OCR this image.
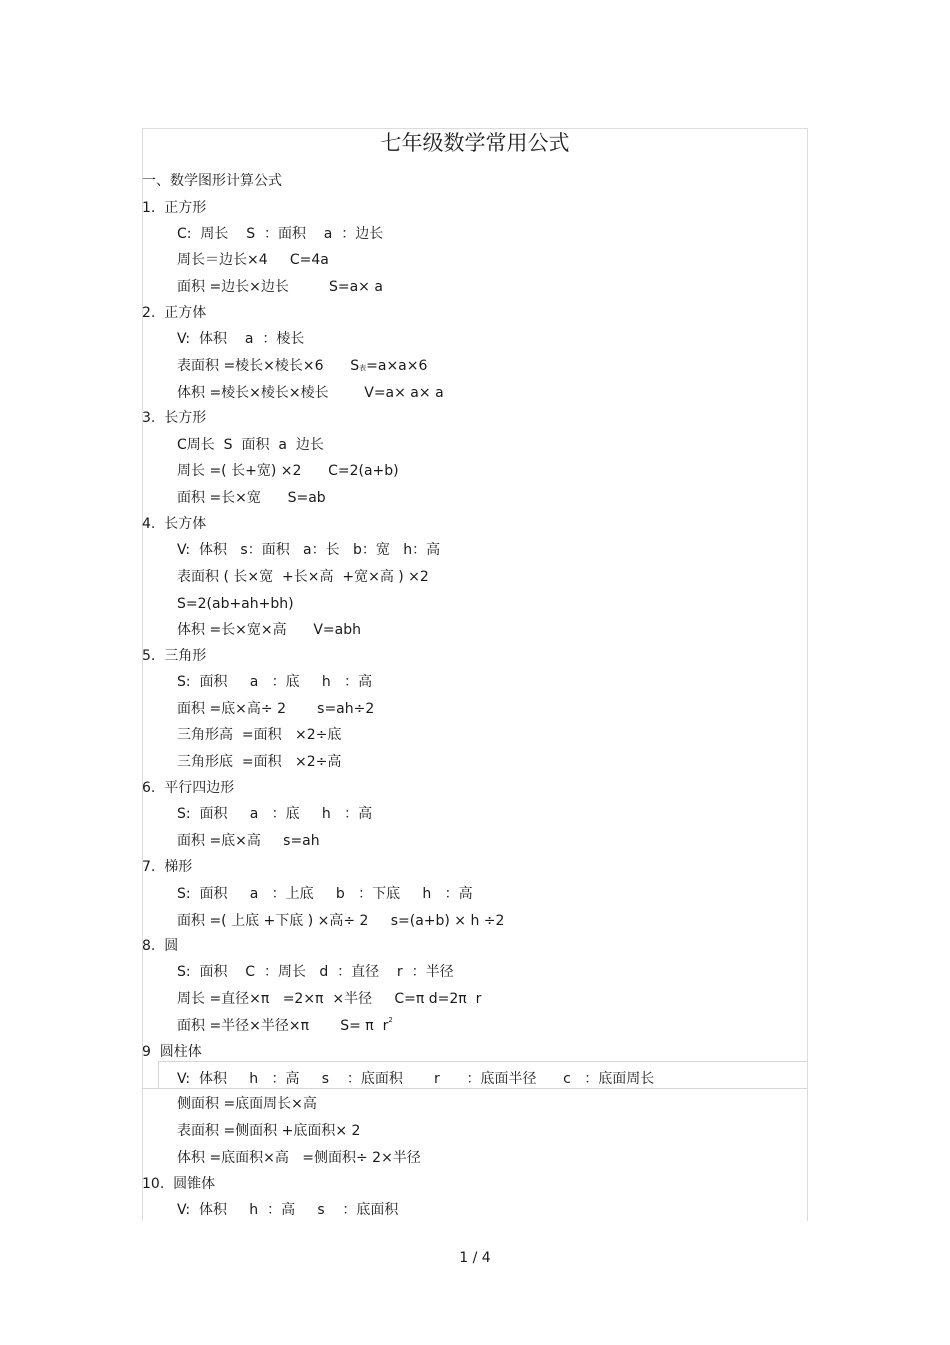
七年级数学常用公式
一、数学图形计算公式
1.  正方形
C:  周长    S  ：面积    a  ：边长
周长＝边长×4     C=4a
面积 =边长×边长         S=a× a
2.  正方体
V:  体积    a  ：棱长
表面积 =棱长×棱长×6      S表=a×a×6
体积 =棱长×棱长×棱长        V=a× a× a
3.  长方形
C周长  S  面积  a  边长
周长 =( 长+宽) ×2      C=2(a+b)
面积 =长×宽      S=ab
4.  长方体
V:  体积   s：面积   a：长   b：宽   h：高
表面积 ( 长×宽  +长×高  +宽×高 ) ×2
S=2(ab+ah+bh)
体积 =长×宽×高      V=abh
5.  三角形
S:  面积     a   ：底     h   ：高
面积 =底×高÷ 2       s=ah÷2
三角形高  =面积   ×2÷底
三角形底  =面积   ×2÷高
6.  平行四边形
S:  面积     a   ：底     h   ：高
面积 =底×高     s=ah
7.  梯形
S:  面积     a   ：上底     b   ：下底     h   ：高
面积 =( 上底 +下底 ) ×高÷ 2     s=(a+b) × h ÷2
8.  圆
S:  面积    C  ：周长   d  ：直径    r  ：半径
周长 =直径×π   =2×π  ×半径     C=π d=2π  r
面积 =半径×半径×π       S= π  $r^2$
9  圆柱体
V:  体积     h   ：高     s    ：底面积       r      ：底面半径      c   ：底面周长
侧面积 =底面周长×高
表面积 =侧面积 +底面积× 2
体积 =底面积×高   =侧面积÷ 2×半径
10.  圆锥体
V:  体积     h  ：高     s    ：底面积
1 / 4
